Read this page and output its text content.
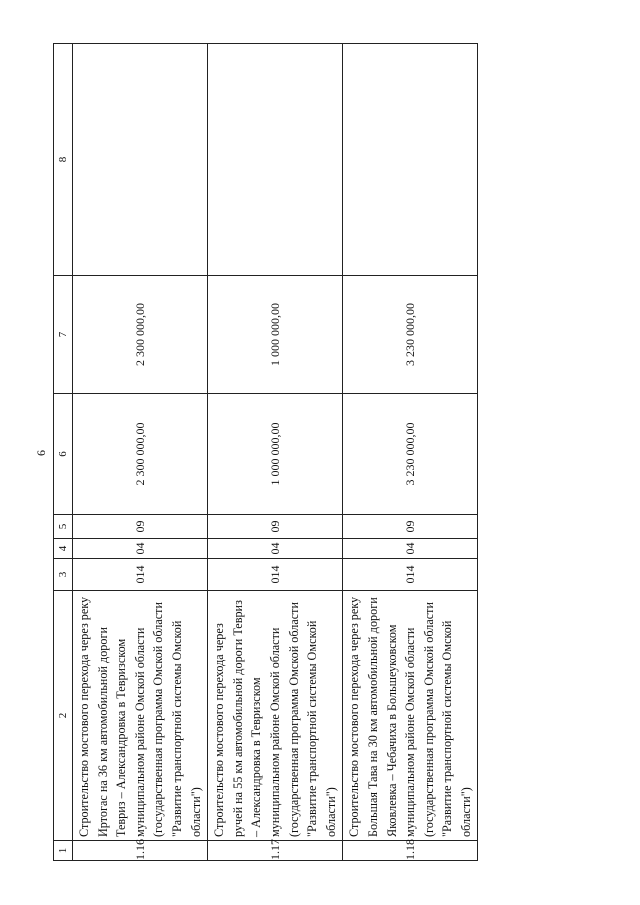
6
1	2	3	4	5	6	7	8
1.16	Строительство мостового перехода через реку Иртогас на 36 км автомобильной дороги Тевриз – Александровка в Тевризском муниципальном районе Омской области (государственная программа Омской области "Развитие транспортной системы Омской области")	014	04	09	2 300 000,00	2 300 000,00	
1.17	Строительство мостового перехода через ручей на 55 км автомобильной дороги Тевриз – Александровка в Тевризском муниципальном районе Омской области (государственная программа Омской области "Развитие транспортной системы Омской области")	014	04	09	1 000 000,00	1 000 000,00	
1.18	Строительство мостового перехода через реку Большая Тава на 30 км автомобильной дороги Яковлевка – Чебачиха в Большеуковском муниципальном районе Омской области (государственная программа Омской области "Развитие транспортной системы Омской области")	014	04	09	3 230 000,00	3 230 000,00	
